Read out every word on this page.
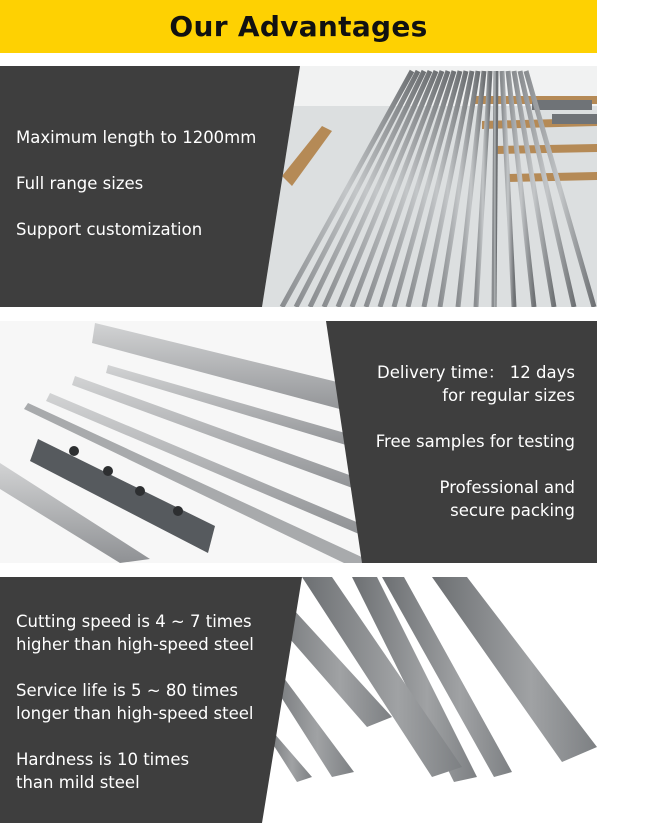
Our Advantages

Maximum length to 1200mm

Full range sizes

Support customization

Delivery time： 12 days

for regular sizes

Free samples for testing

Professional and

secure packing

Cutting speed is 4 ~ 7 times

higher than high-speed steel

Service life is 5 ~ 80 times

longer than high-speed steel

Hardness is 10 times

than mild steel
